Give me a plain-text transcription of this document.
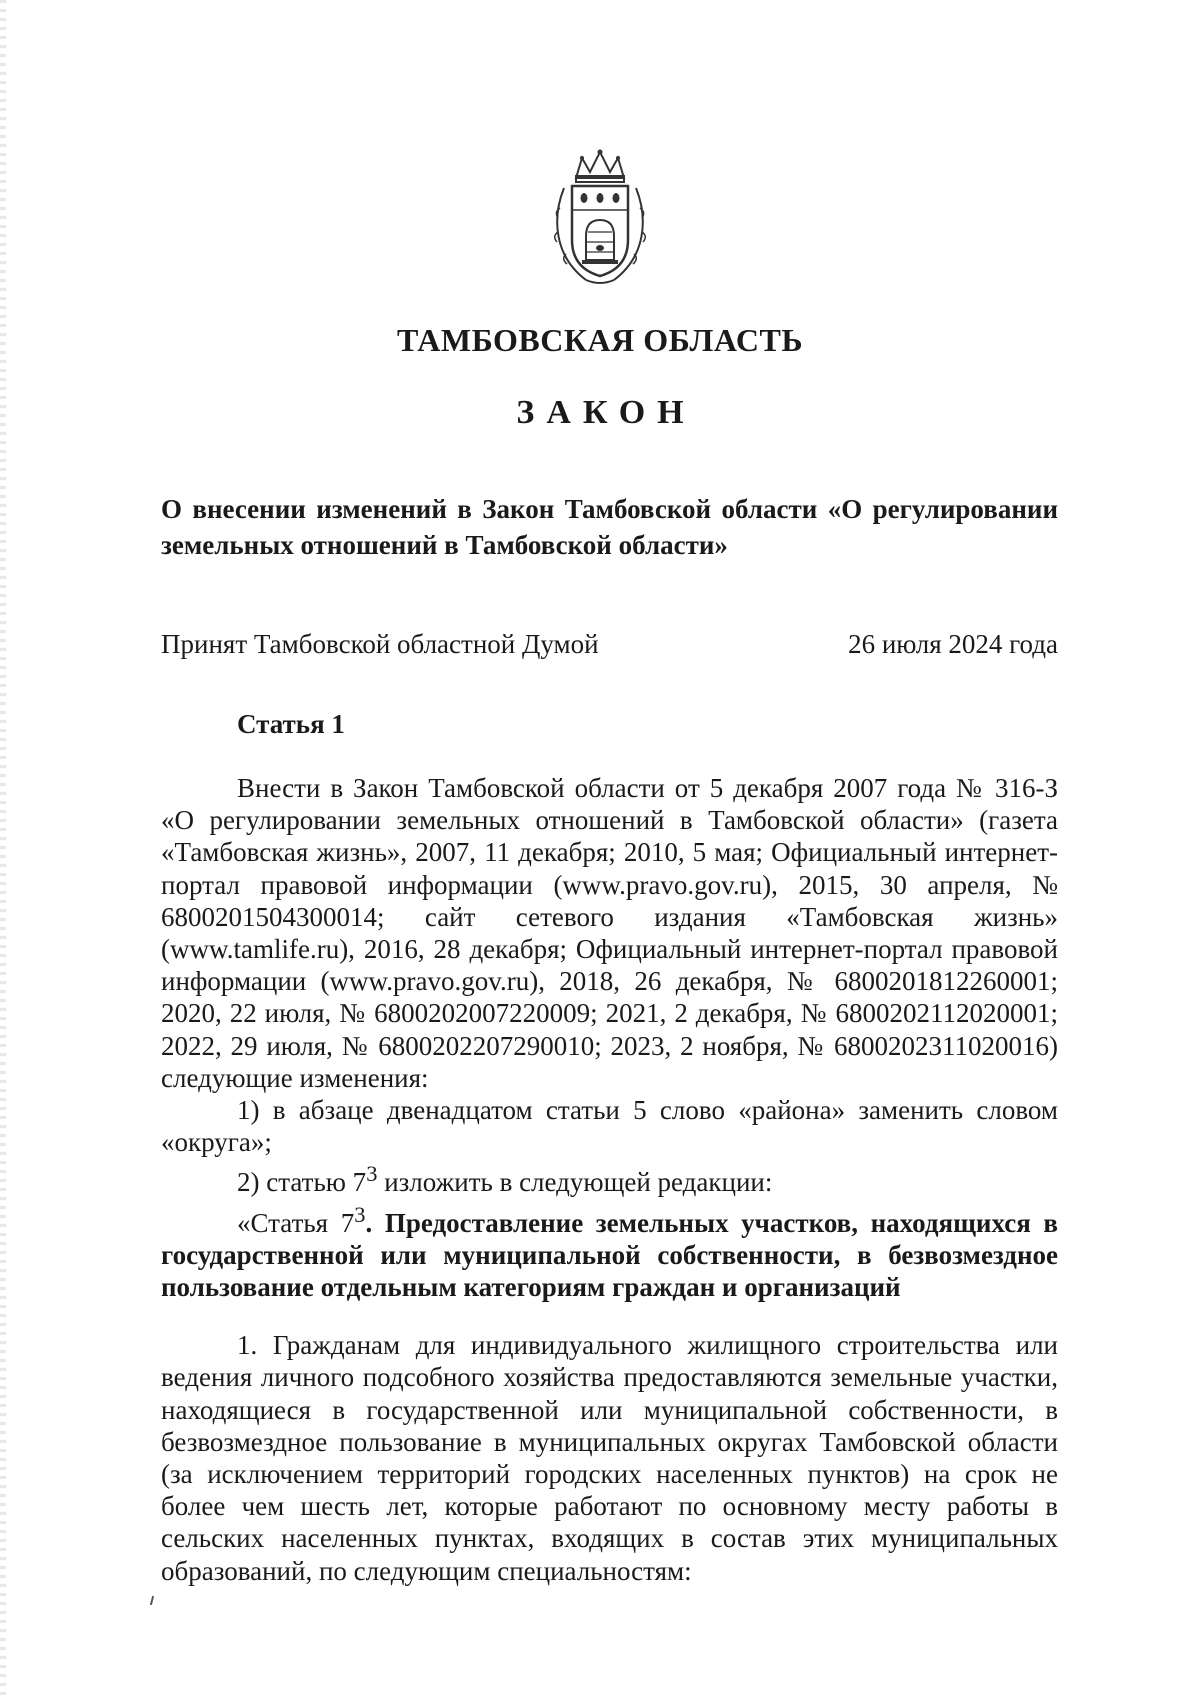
ТАМБОВСКАЯ ОБЛАСТЬ
ЗАКОН
О внесении изменений в Закон Тамбовской области «О регулировании земельных отношений в Тамбовской области»
Принят Тамбовской областной Думой	26 июля 2024 года
Статья 1

Внести в Закон Тамбовской области от 5 декабря 2007 года № 316-З «О регулировании земельных отношений в Тамбовской области» (газета «Тамбовская жизнь», 2007, 11 декабря; 2010, 5 мая; Официальный интернет-портал правовой информации (www.pravo.gov.ru), 2015, 30 апреля, № 6800201504300014; сайт сетевого издания «Тамбовская жизнь» (www.tamlife.ru), 2016, 28 декабря; Официальный интернет-портал правовой информации (www.pravo.gov.ru), 2018, 26 декабря, № 6800201812260001; 2020, 22 июля, № 6800202007220009; 2021, 2 декабря, № 6800202112020001; 2022, 29 июля, № 6800202207290010; 2023, 2 ноября, № 6800202311020016) следующие изменения:

1) в абзаце двенадцатом статьи 5 слово «района» заменить словом «округа»;

2) статью $7^3$ изложить в следующей редакции:

«Статья $7^3$. Предоставление земельных участков, находящихся в государственной или муниципальной собственности, в безвозмездное пользование отдельным категориям граждан и организаций

1. Гражданам для индивидуального жилищного строительства или ведения личного подсобного хозяйства предоставляются земельные участки, находящиеся в государственной или муниципальной собственности, в безвозмездное пользование в муниципальных округах Тамбовской области (за исключением территорий городских населенных пунктов) на срок не более чем шесть лет, которые работают по основному месту работы в сельских населенных пунктах, входящих в состав этих муниципальных образований, по следующим специальностям:
